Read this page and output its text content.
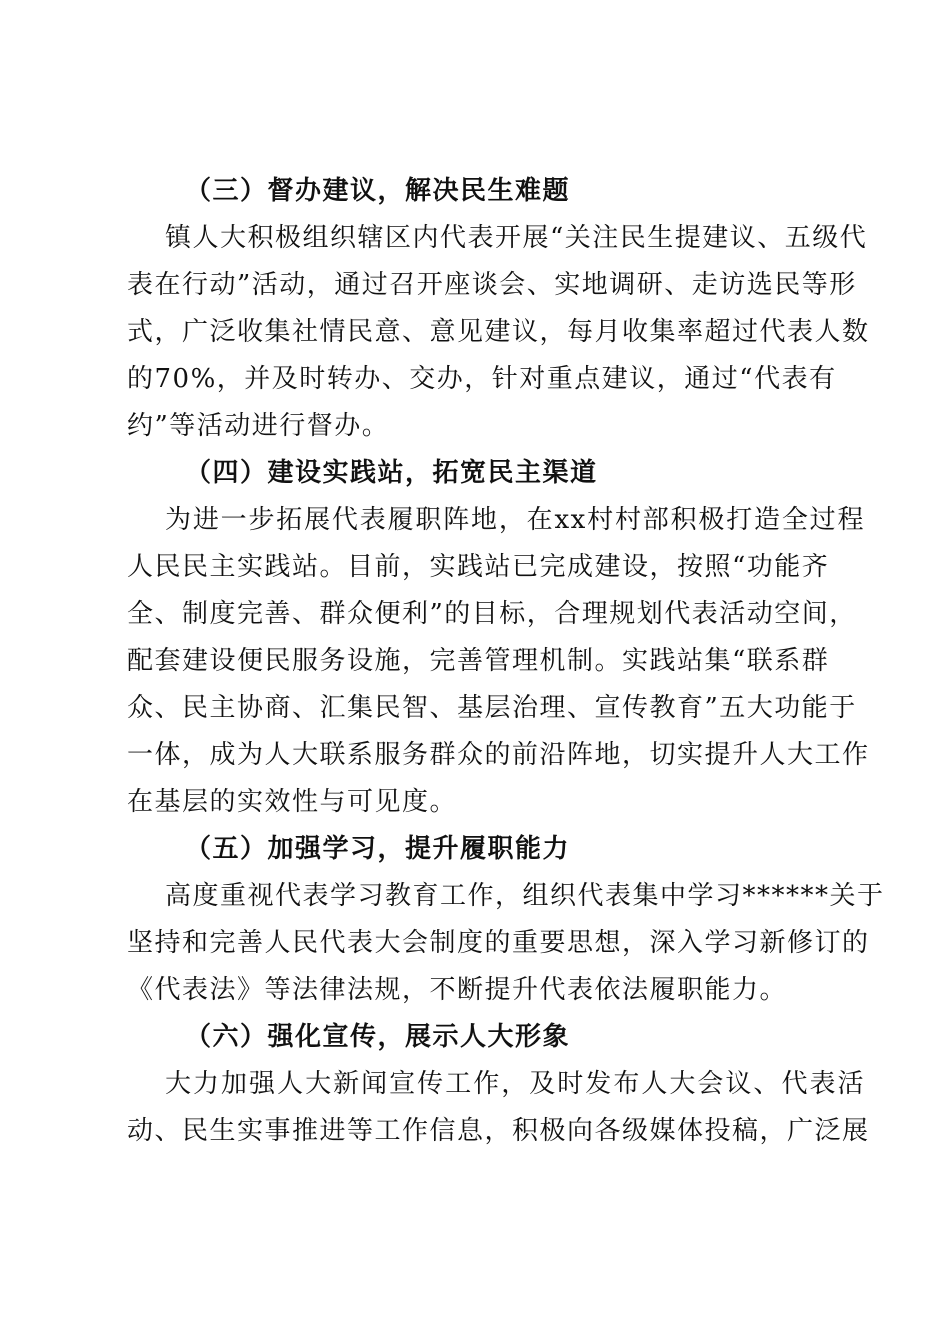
（三）督办建议，解决民生难题
镇人大积极组织辖区内代表开展“关注民生提建议、五级代
表在行动”活动，通过召开座谈会、实地调研、走访选民等形
式，广泛收集社情民意、意见建议，每月收集率超过代表人数
的70%，并及时转办、交办，针对重点建议，通过“代表有
约”等活动进行督办。
（四）建设实践站，拓宽民主渠道
为进一步拓展代表履职阵地，在xx村村部积极打造全过程
人民民主实践站。目前，实践站已完成建设，按照“功能齐
全、制度完善、群众便利”的目标，合理规划代表活动空间，
配套建设便民服务设施，完善管理机制。实践站集“联系群
众、民主协商、汇集民智、基层治理、宣传教育”五大功能于
一体，成为人大联系服务群众的前沿阵地，切实提升人大工作
在基层的实效性与可见度。
（五）加强学习，提升履职能力
高度重视代表学习教育工作，组织代表集中学习******关于
坚持和完善人民代表大会制度的重要思想，深入学习新修订的
《代表法》等法律法规，不断提升代表依法履职能力。
（六）强化宣传，展示人大形象
大力加强人大新闻宣传工作，及时发布人大会议、代表活
动、民生实事推进等工作信息，积极向各级媒体投稿，广泛展
